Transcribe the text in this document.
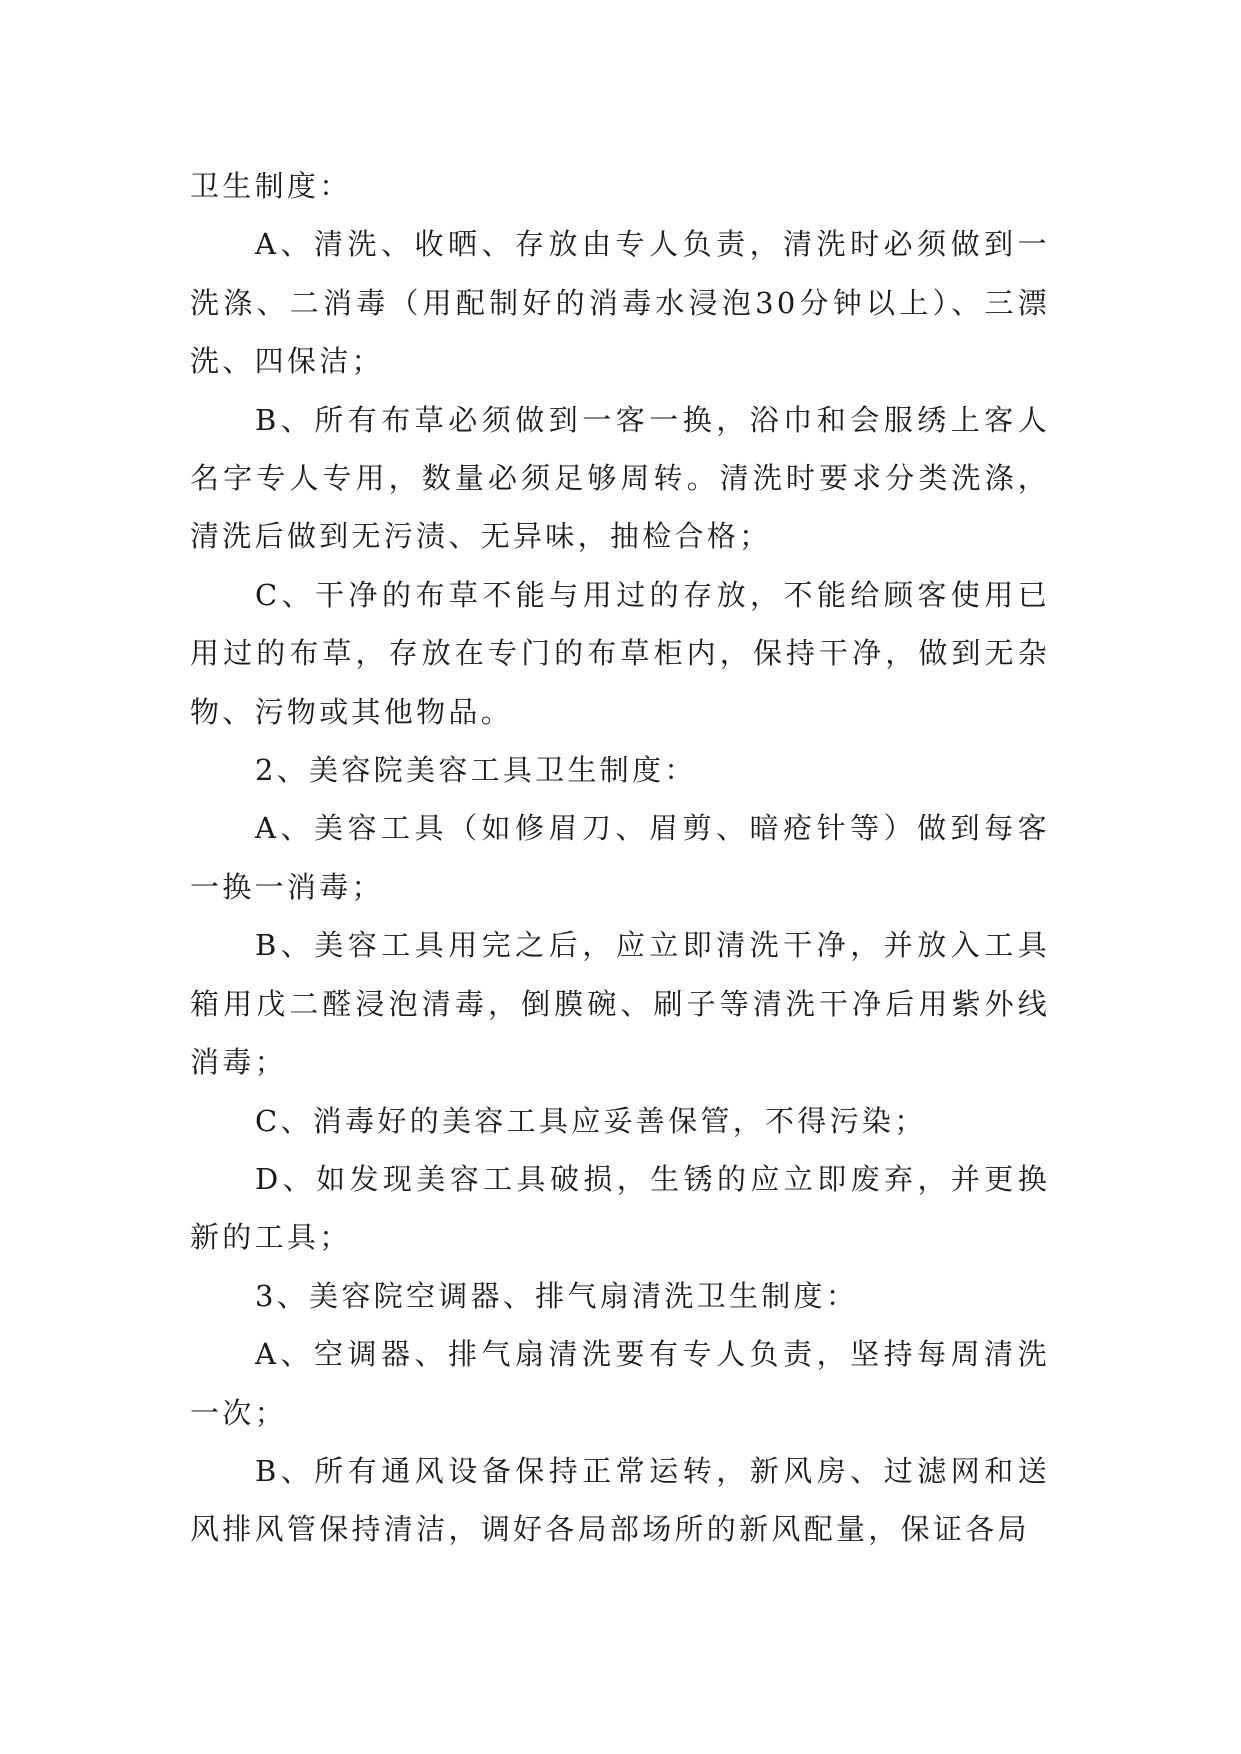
卫生制度：

A、清洗、收晒、存放由专人负责，清洗时必须做到一洗涤、二消毒（用配制好的消毒水浸泡30分钟以上）、三漂洗、四保洁；

B、所有布草必须做到一客一换，浴巾和会服绣上客人名字专人专用，数量必须足够周转。清洗时要求分类洗涤，清洗后做到无污渍、无异味，抽检合格；

C、干净的布草不能与用过的存放，不能给顾客使用已用过的布草，存放在专门的布草柜内，保持干净，做到无杂物、污物或其他物品。

2、美容院美容工具卫生制度：

A、美容工具（如修眉刀、眉剪、暗疮针等）做到每客一换一消毒；

B、美容工具用完之后，应立即清洗干净，并放入工具箱用戊二醛浸泡清毒，倒膜碗、刷子等清洗干净后用紫外线消毒；

C、消毒好的美容工具应妥善保管，不得污染；

D、如发现美容工具破损，生锈的应立即废弃，并更换新的工具；

3、美容院空调器、排气扇清洗卫生制度：

A、空调器、排气扇清洗要有专人负责，坚持每周清洗一次；

B、所有通风设备保持正常运转，新风房、过滤网和送风排风管保持清洁，调好各局部场所的新风配量，保证各局
